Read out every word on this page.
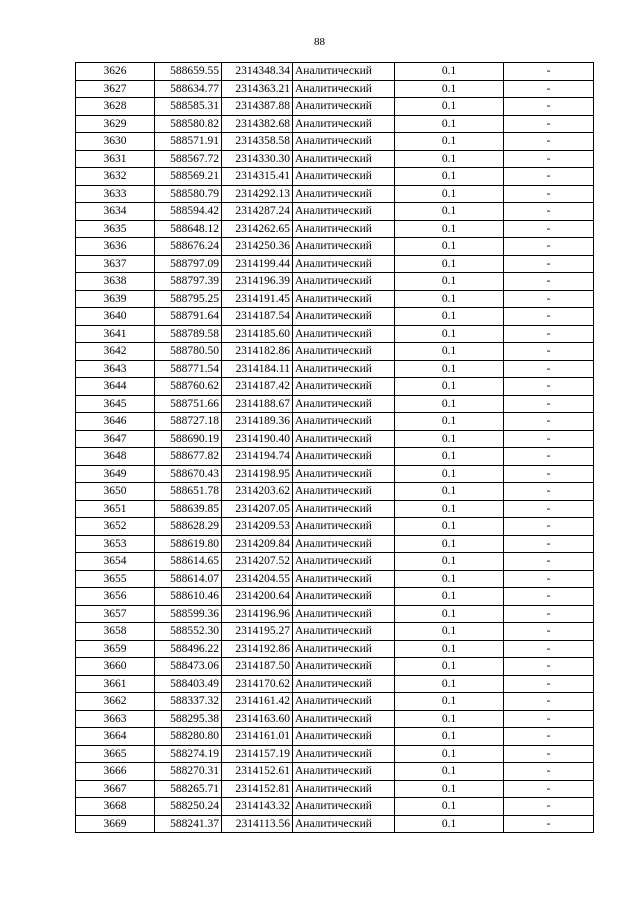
88
3626	588659.55	2314348.34	Аналитический	0.1	-
3627	588634.77	2314363.21	Аналитический	0.1	-
3628	588585.31	2314387.88	Аналитический	0.1	-
3629	588580.82	2314382.68	Аналитический	0.1	-
3630	588571.91	2314358.58	Аналитический	0.1	-
3631	588567.72	2314330.30	Аналитический	0.1	-
3632	588569.21	2314315.41	Аналитический	0.1	-
3633	588580.79	2314292.13	Аналитический	0.1	-
3634	588594.42	2314287.24	Аналитический	0.1	-
3635	588648.12	2314262.65	Аналитический	0.1	-
3636	588676.24	2314250.36	Аналитический	0.1	-
3637	588797.09	2314199.44	Аналитический	0.1	-
3638	588797.39	2314196.39	Аналитический	0.1	-
3639	588795.25	2314191.45	Аналитический	0.1	-
3640	588791.64	2314187.54	Аналитический	0.1	-
3641	588789.58	2314185.60	Аналитический	0.1	-
3642	588780.50	2314182.86	Аналитический	0.1	-
3643	588771.54	2314184.11	Аналитический	0.1	-
3644	588760.62	2314187.42	Аналитический	0.1	-
3645	588751.66	2314188.67	Аналитический	0.1	-
3646	588727.18	2314189.36	Аналитический	0.1	-
3647	588690.19	2314190.40	Аналитический	0.1	-
3648	588677.82	2314194.74	Аналитический	0.1	-
3649	588670.43	2314198.95	Аналитический	0.1	-
3650	588651.78	2314203.62	Аналитический	0.1	-
3651	588639.85	2314207.05	Аналитический	0.1	-
3652	588628.29	2314209.53	Аналитический	0.1	-
3653	588619.80	2314209.84	Аналитический	0.1	-
3654	588614.65	2314207.52	Аналитический	0.1	-
3655	588614.07	2314204.55	Аналитический	0.1	-
3656	588610.46	2314200.64	Аналитический	0.1	-
3657	588599.36	2314196.96	Аналитический	0.1	-
3658	588552.30	2314195.27	Аналитический	0.1	-
3659	588496.22	2314192.86	Аналитический	0.1	-
3660	588473.06	2314187.50	Аналитический	0.1	-
3661	588403.49	2314170.62	Аналитический	0.1	-
3662	588337.32	2314161.42	Аналитический	0.1	-
3663	588295.38	2314163.60	Аналитический	0.1	-
3664	588280.80	2314161.01	Аналитический	0.1	-
3665	588274.19	2314157.19	Аналитический	0.1	-
3666	588270.31	2314152.61	Аналитический	0.1	-
3667	588265.71	2314152.81	Аналитический	0.1	-
3668	588250.24	2314143.32	Аналитический	0.1	-
3669	588241.37	2314113.56	Аналитический	0.1	-
